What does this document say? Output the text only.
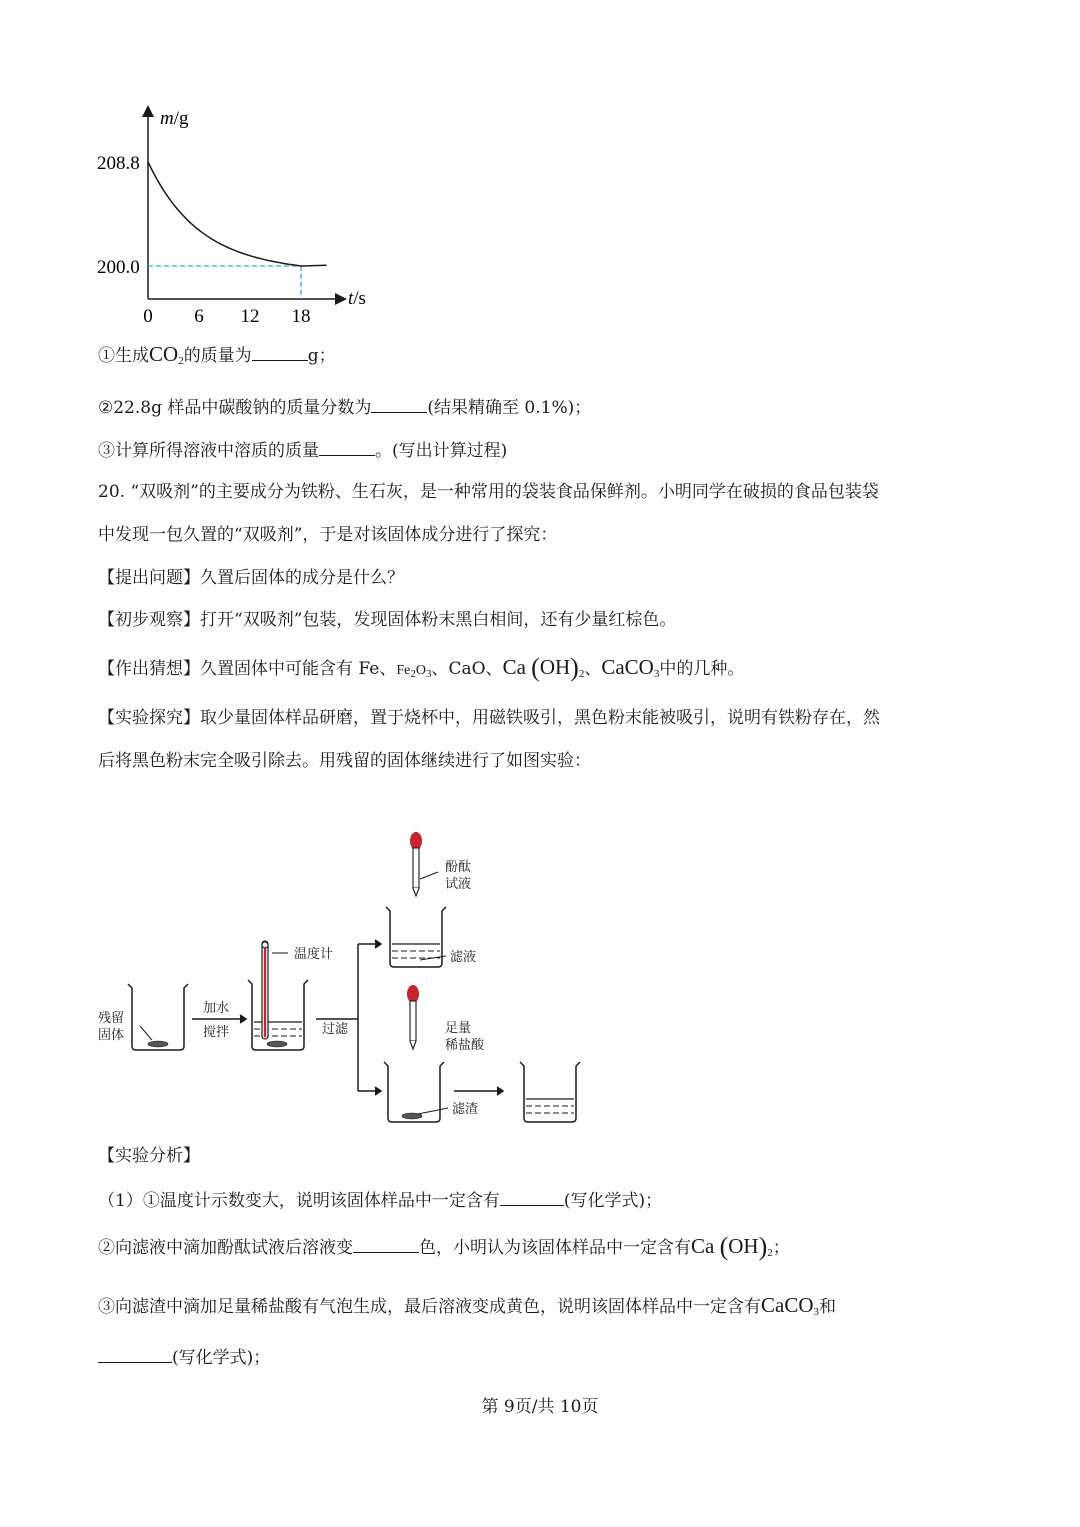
m/g
t/s
208.8
200.0
0 6 12 18
①生成$CO_2$的质量为	g；
②22.8g 样品中碳酸钠的质量分数为	(结果精确至 0.1%)；
③计算所得溶液中溶质的质量	。(写出计算过程)
20. “双吸剂”的主要成分为铁粉、生石灰，是一种常用的袋装食品保鲜剂。小明同学在破损的食品包装袋
中发现一包久置的“双吸剂”，于是对该固体成分进行了探究：
【提出问题】久置后固体的成分是什么？
【初步观察】打开“双吸剂”包装，发现固体粉末黑白相间，还有少量红棕色。
【作出猜想】久置固体中可能含有 Fe、$Fe_2O_3$、CaO、Ca $(OH)_2$、CaCO$_3$中的几种。
【实验探究】取少量固体样品研磨，置于烧杯中，用磁铁吸引，黑色粉末能被吸引，说明有铁粉存在，然
后将黑色粉末完全吸引除去。用残留的固体继续进行了如图实验：
残留
固体
加水
搅拌
温度计
过滤
酚酞
试液
滤液
足量
稀盐酸
滤渣
【实验分析】
（1）①温度计示数变大，说明该固体样品中一定含有	(写化学式)；
②向滤液中滴加酚酞试液后溶液变	色，小明认为该固体样品中一定含有Ca $(OH)_2$；
③向滤渣中滴加足量稀盐酸有气泡生成，最后溶液变成黄色，说明该固体样品中一定含有CaCO$_3$和
(写化学式)；
第 9页/共 10页
